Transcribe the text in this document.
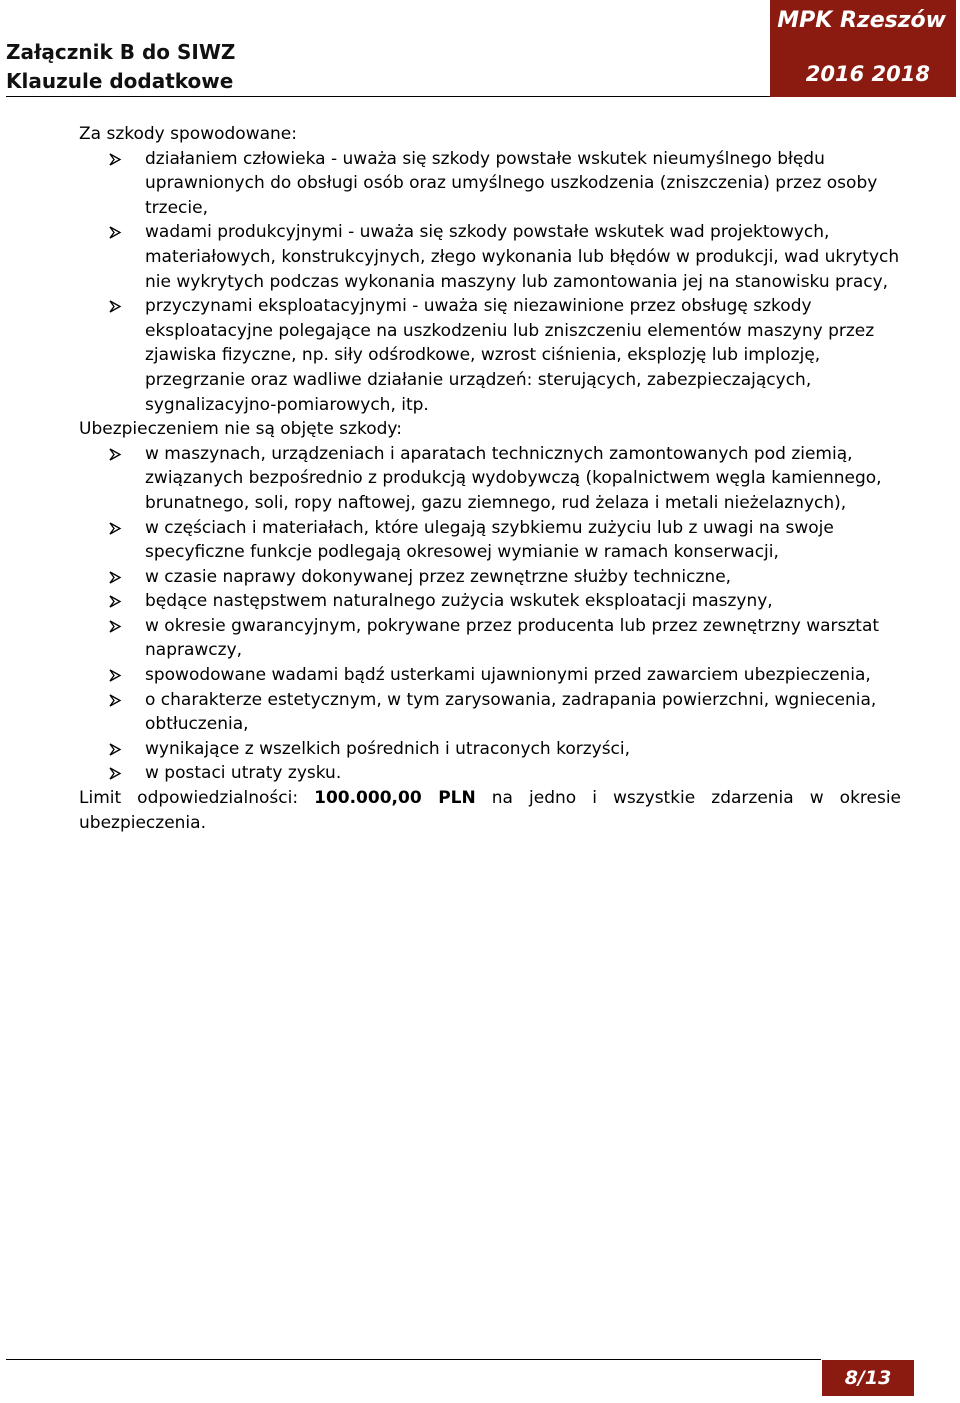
Załącznik B do SIWZ
Klauzule dodatkowe
MPK Rzeszów
2016 2018

Za szkody spowodowane:

działaniem człowieka - uważa się szkody powstałe wskutek nieumyślnego błędu uprawnionych do obsługi osób oraz umyślnego uszkodzenia (zniszczenia) przez osoby trzecie,
wadami produkcyjnymi - uważa się szkody powstałe wskutek wad projektowych, materiałowych, konstrukcyjnych, złego wykonania lub błędów w produkcji, wad ukrytych nie wykrytych podczas wykonania maszyny lub zamontowania jej na stanowisku pracy,
przyczynami eksploatacyjnymi - uważa się niezawinione przez obsługę szkody eksploatacyjne polegające na uszkodzeniu lub zniszczeniu elementów maszyny przez zjawiska fizyczne, np. siły odśrodkowe, wzrost ciśnienia, eksplozję lub implozję, przegrzanie oraz wadliwe działanie urządzeń: sterujących, zabezpieczających, sygnalizacyjno-pomiarowych, itp.

Ubezpieczeniem nie są objęte szkody:

w maszynach, urządzeniach i aparatach technicznych zamontowanych pod ziemią, związanych bezpośrednio z produkcją wydobywczą (kopalnictwem węgla kamiennego, brunatnego, soli, ropy naftowej, gazu ziemnego, rud żelaza i metali nieżelaznych),
w częściach i materiałach, które ulegają szybkiemu zużyciu lub z uwagi na swoje specyficzne funkcje podlegają okresowej wymianie w ramach konserwacji,
w czasie naprawy dokonywanej przez zewnętrzne służby techniczne,
będące następstwem naturalnego zużycia wskutek eksploatacji maszyny,
w okresie gwarancyjnym, pokrywane przez producenta lub przez zewnętrzny warsztat naprawczy,
spowodowane wadami bądź usterkami ujawnionymi przed zawarciem ubezpieczenia,
o charakterze estetycznym, w tym zarysowania, zadrapania powierzchni, wgniecenia, obtłuczenia,
wynikające z wszelkich pośrednich i utraconych korzyści,
w postaci utraty zysku.

Limit odpowiedzialności: 100.000,00 PLN na jedno i wszystkie zdarzenia w okresie ubezpieczenia.

8/13
